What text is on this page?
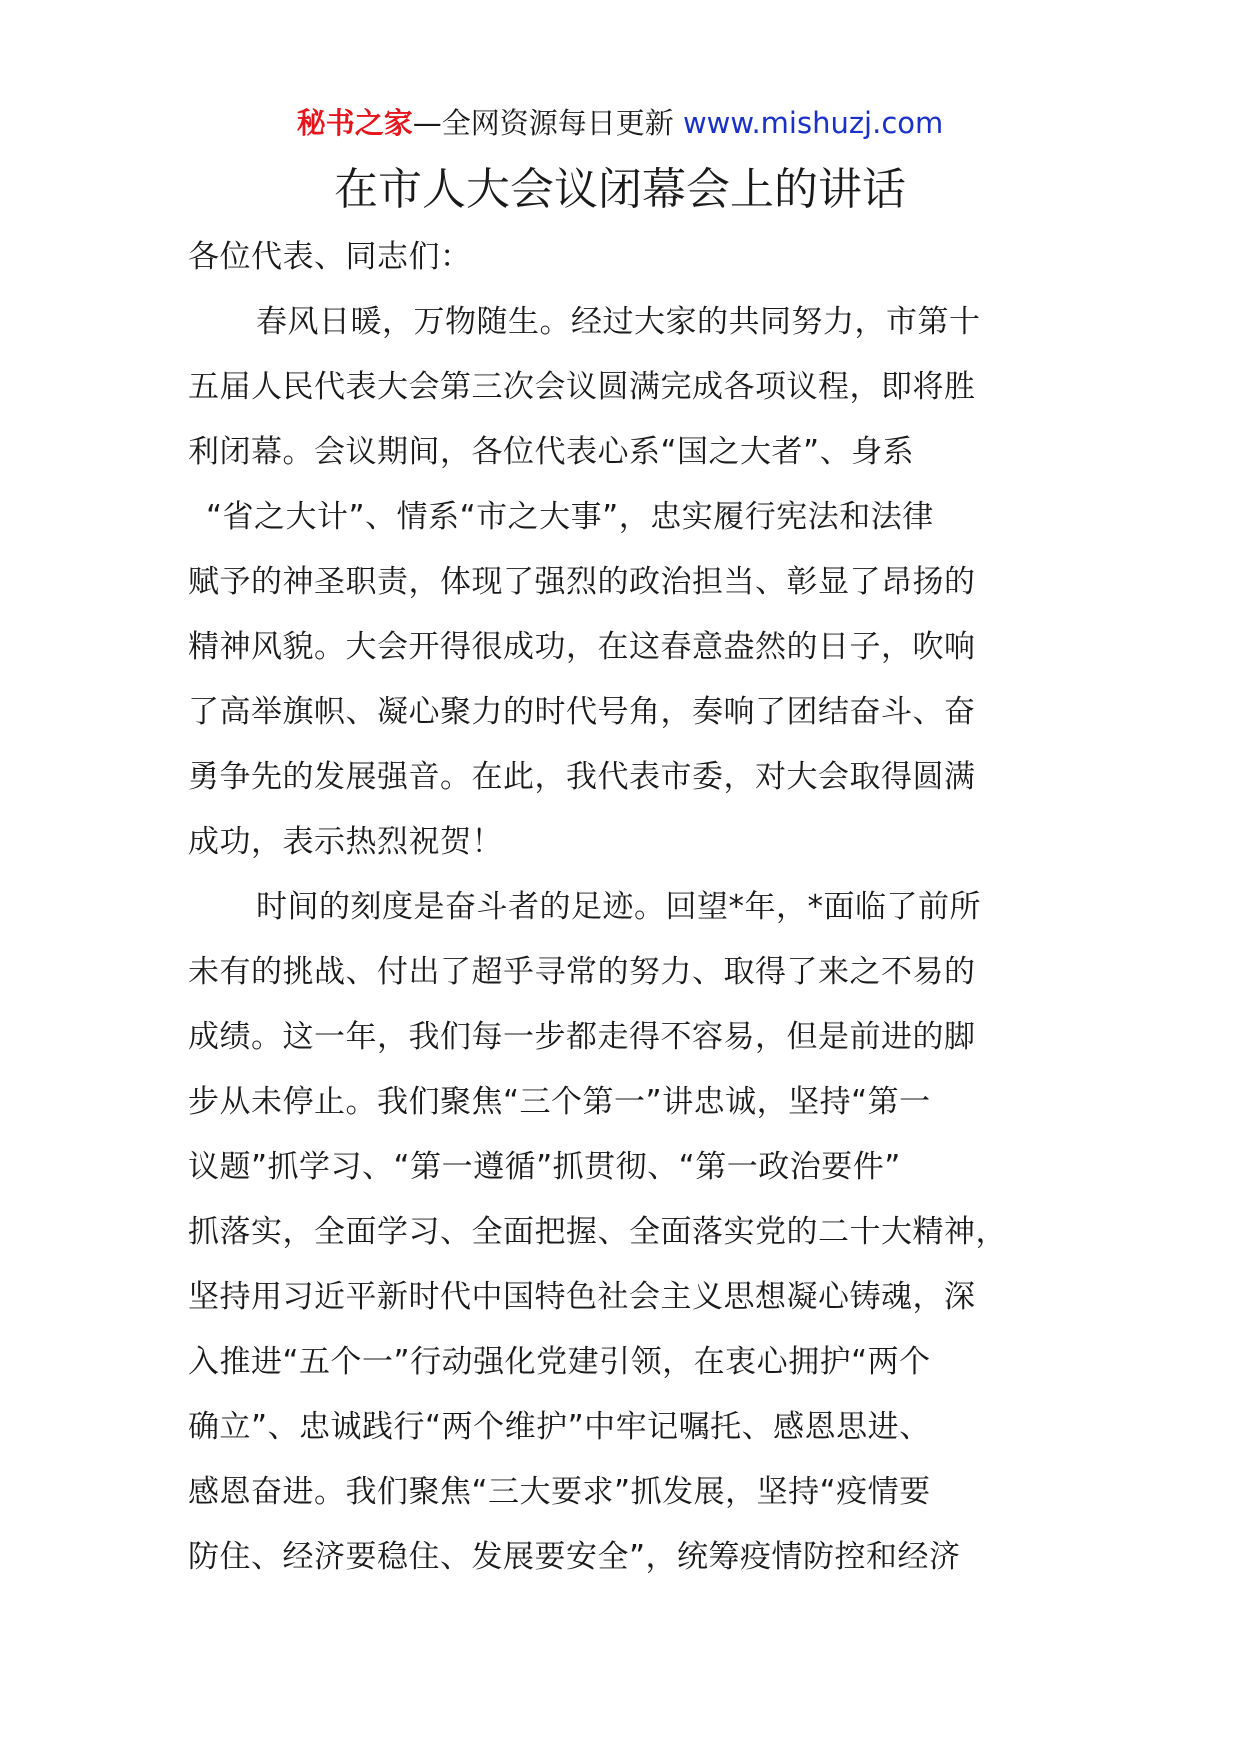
秘书之家—全网资源每日更新 www.mishuzj.com
在市人大会议闭幕会上的讲话
各位代表、同志们：
春风日暖，万物随生。经过大家的共同努力，市第十
五届人民代表大会第三次会议圆满完成各项议程，即将胜
利闭幕。会议期间，各位代表心系“国之大者”、身系
“省之大计”、情系“市之大事”，忠实履行宪法和法律
赋予的神圣职责，体现了强烈的政治担当、彰显了昂扬的
精神风貌。大会开得很成功，在这春意盎然的日子，吹响
了高举旗帜、凝心聚力的时代号角，奏响了团结奋斗、奋
勇争先的发展强音。在此，我代表市委，对大会取得圆满
成功，表示热烈祝贺！
时间的刻度是奋斗者的足迹。回望*年，*面临了前所
未有的挑战、付出了超乎寻常的努力、取得了来之不易的
成绩。这一年，我们每一步都走得不容易，但是前进的脚
步从未停止。我们聚焦“三个第一”讲忠诚，坚持“第一
议题”抓学习、“第一遵循”抓贯彻、“第一政治要件”
抓落实，全面学习、全面把握、全面落实党的二十大精神，
坚持用习近平新时代中国特色社会主义思想凝心铸魂，深
入推进“五个一”行动强化党建引领，在衷心拥护“两个
确立”、忠诚践行“两个维护”中牢记嘱托、感恩思进、
感恩奋进。我们聚焦“三大要求”抓发展，坚持“疫情要
防住、经济要稳住、发展要安全”，统筹疫情防控和经济
